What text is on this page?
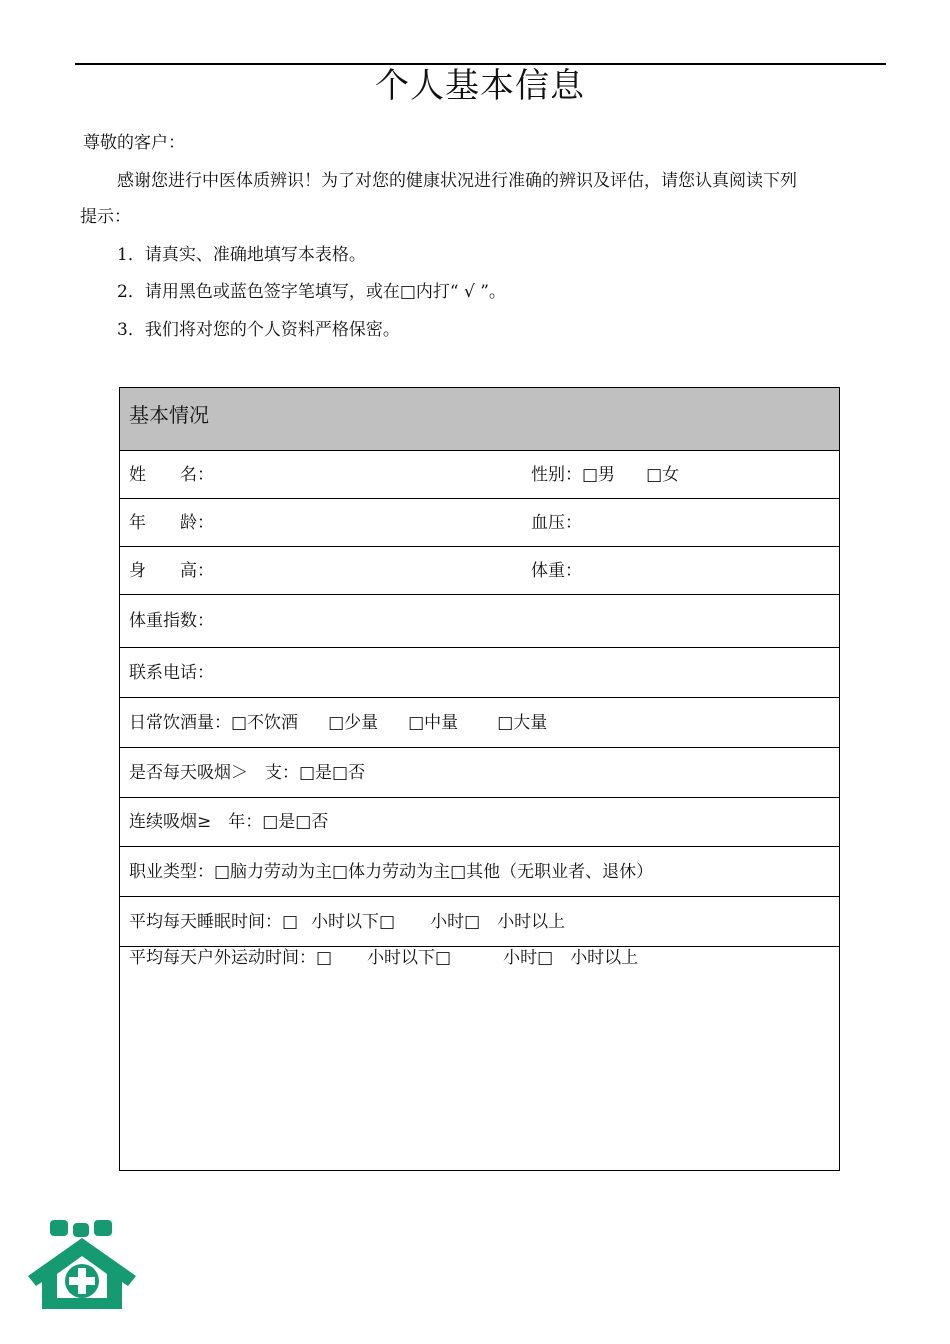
个人基本信息
尊敬的客户：
感谢您进行中医体质辨识！为了对您的健康状况进行准确的辨识及评估，请您认真阅读下列
提示：
1．请真实、准确地填写本表格。
2．请用黑色或蓝色签字笔填写，或在□内打“ √ ”。
3．我们将对您的个人资料严格保密。
基本情况
姓　　名：	性别：□男 □女
年　　龄：	血压：
身　　高：	体重：
体重指数：
联系电话：
日常饮酒量：□不饮酒 □少量 □中量 □大量
是否每天吸烟＞　支：□是□否
连续吸烟≥　年：□是□否
职业类型：□脑力劳动为主□体力劳动为主□其他（无职业者、退休）
平均每天睡眠时间：□ 小时以下□ 小时□ 小时以上
平均每天户外运动时间：□ 小时以下□	小时□ 小时以上
